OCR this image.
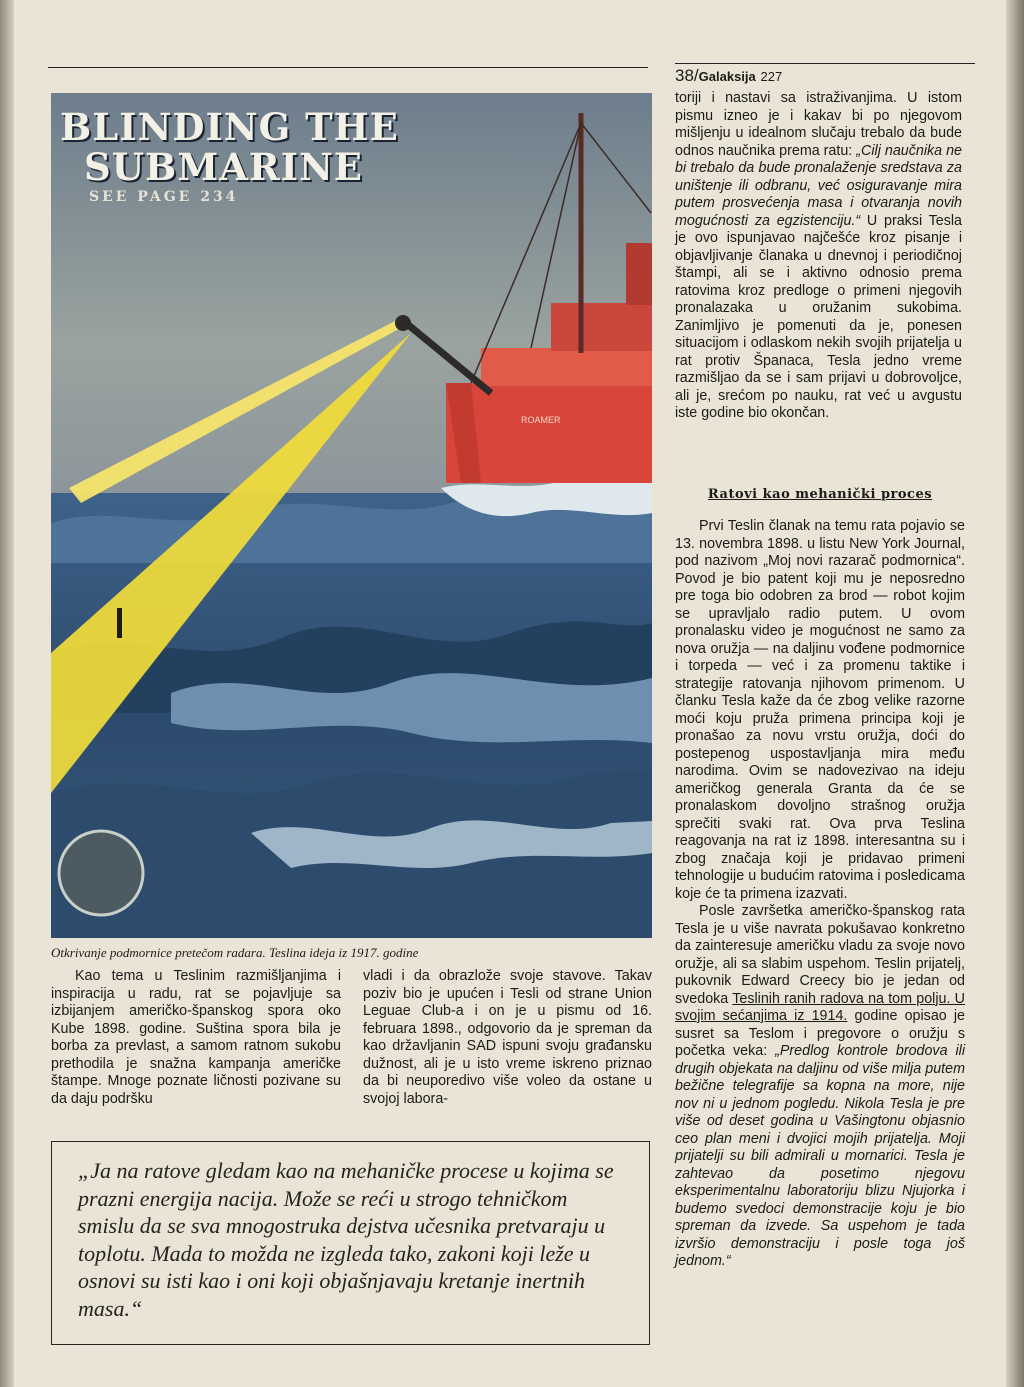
38/Galaksija 227
ROAMER
BLINDING THE
SUBMARINE
SEE PAGE 234
Otkrivanje podmornice pretečom radara. Teslina ideja iz 1917. godine

Kao tema u Teslinim razmišljanjima i inspiracija u radu, rat se pojavljuje sa izbijanjem američko-španskog spora oko Kube 1898. godine. Suština spora bila je borba za prevlast, a samom ratnom sukobu prethodila je snažna kampanja američke štampe. Mnoge poznate ličnosti pozivane su da daju podršku

vladi i da obrazlože svoje stavove. Takav poziv bio je upućen i Tesli od strane Union Leguae Club-a i on je u pismu od 16. februara 1898., odgovorio da je spreman da kao državljanin SAD ispuni svoju građansku dužnost, ali je u isto vreme iskreno priznao da bi neuporedivo više voleo da ostane u svojoj labora-

toriji i nastavi sa istraživanjima. U istom pismu izneo je i kakav bi po njegovom mišljenju u idealnom slučaju trebalo da bude odnos naučnika prema ratu: „Cilj naučnika ne bi trebalo da bude pronalaženje sredstava za uništenje ili odbranu, već osiguravanje mira putem prosvećenja masa i otvaranja novih mogućnosti za egzistenciju.“ U praksi Tesla je ovo ispunjavao najčešće kroz pisanje i objavljivanje članaka u dnevnoj i periodičnoj štampi, ali se i aktivno odnosio prema ratovima kroz predloge o primeni njegovih pronalazaka u oružanim sukobima. Zanimljivo je pomenuti da je, ponesen situacijom i odlaskom nekih svojih prijatelja u rat protiv Španaca, Tesla jedno vreme razmišljao da se i sam prijavi u dobrovoljce, ali je, srećom po nauku, rat već u avgustu iste godine bio okončan.

Ratovi kao mehanički proces

Prvi Teslin članak na temu rata pojavio se 13. novembra 1898. u listu New York Journal, pod nazivom „Moj novi razarač podmornica“. Povod je bio patent koji mu je neposredno pre toga bio odobren za brod — robot kojim se upravljalo radio putem. U ovom pronalasku video je mogućnost ne samo za nova oružja — na daljinu vođene podmornice i torpeda — već i za promenu taktike i strategije ratovanja njihovom primenom. U članku Tesla kaže da će zbog velike razorne moći koju pruža primena principa koji je pronašao za novu vrstu oružja, doći do postepenog uspostavljanja mira među narodima. Ovim se nadovezivao na ideju američkog generala Granta da će se pronalaskom dovoljno strašnog oružja sprečiti svaki rat. Ova prva Teslina reagovanja na rat iz 1898. interesantna su i zbog značaja koji je pridavao primeni tehnologije u budućim ratovima i posledicama koje će ta primena izazvati.

Posle završetka američko-španskog rata Tesla je u više navrata pokušavao konkretno da zainteresuje američku vladu za svoje novo oružje, ali sa slabim uspehom. Teslin prijatelj, pukovnik Edward Creecy bio je jedan od svedoka Teslinih ranih radova na tom polju. U svojim sećanjima iz 1914. godine opisao je susret sa Teslom i pregovore o oružju s početka veka: „Predlog kontrole brodova ili drugih objekata na daljinu od više milja putem bežične telegrafije sa kopna na more, nije nov ni u jednom pogledu. Nikola Tesla je pre više od deset godina u Vašingtonu objasnio ceo plan meni i dvojici mojih prijatelja. Moji prijatelji su bili admirali u mornarici. Tesla je zahtevao da posetimo njegovu eksperimentalnu laboratoriju blizu Njujorka i budemo svedoci demonstracije koju je bio spreman da izvede. Sa uspehom je tada izvršio demonstraciju i posle toga još jednom.“

„Ja na ratove gledam kao na mehaničke procese u kojima se prazni energija nacija. Može se reći u strogo tehničkom smislu da se sva mnogostruka dejstva učesnika pretvaraju u toplotu. Mada to možda ne izgleda tako, zakoni koji leže u osnovi su isti kao i oni koji objašnjavaju kretanje inertnih masa.“
